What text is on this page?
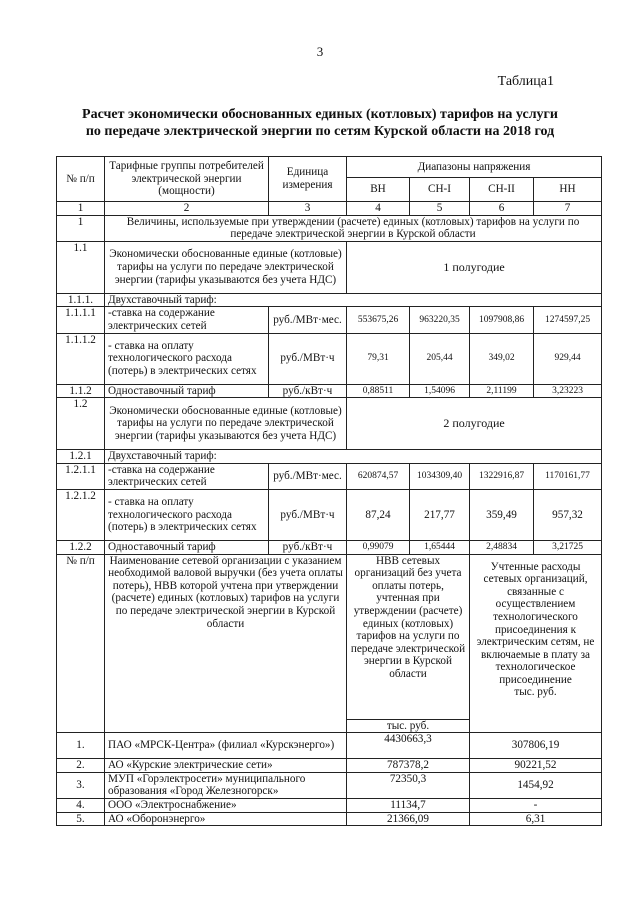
3
Таблица1
Расчет экономически обоснованных единых (котловых) тарифов на услуги
по передаче электрической энергии по сетям Курской области на 2018 год
№ п/п	Тарифные группы потребителей электрической энергии (мощности)	Единица измерения	Диапазоны напряжения			
			ВН	СН-I	СН-II	НН
1	2	3	4	5	6	7
1	Величины, используемые при утверждении (расчете) единых (котловых) тарифов на услуги по передаче электрической энергии в Курской области					
1.1	Экономически обоснованные единые (котловые) тарифы на услуги по передаче электрической энергии (тарифы указываются без учета НДС)		1 полугодие			
1.1.1.	Двухставочный тариф:					
1.1.1.1	-ставка на содержание электрических сетей	руб./МВт·мес.	553675,26	963220,35	1097908,86	1274597,25
1.1.1.2	- ставка на оплату технологического расхода (потерь) в электрических сетях	руб./МВт·ч	79,31	205,44	349,02	929,44
1.1.2	Одноставочный тариф	руб./кВт·ч	0,88511	1,54096	2,11199	3,23223
1.2	Экономически обоснованные единые (котловые) тарифы на услуги по передаче электрической энергии (тарифы указываются без учета НДС)		2 полугодие			
1.2.1	Двухставочный тариф:					
1.2.1.1	-ставка на содержание электрических сетей	руб./МВт·мес.	620874,57	1034309,40	1322916,87	1170161,77
1.2.1.2	- ставка на оплату технологического расхода (потерь) в электрических сетях	руб./МВт·ч	87,24	217,77	359,49	957,32
1.2.2	Одноставочный тариф	руб./кВт·ч	0,99079	1,65444	2,48834	3,21725
№ п/п	Наименование сетевой организации с указанием необходимой валовой выручки (без учета оплаты потерь), НВВ которой учтена при утверждении (расчете) единых (котловых) тарифов на услуги по передаче электрической энергии в Курской области		НВВ сетевых организаций без учета оплаты потерь, учтенная при утверждении (расчете) единых (котловых) тарифов на услуги по передаче электрической энергии в Курской области		Учтенные расходы сетевых организаций, связанные с осуществлением технологического присоединения к электрическим сетям, не включаемые в плату за технологическое присоединение
тыс. руб.	

			тыс. руб.			
1.	ПАО «МРСК-Центра» (филиал «Курскэнерго»)		4430663,3		307806,19	
2.	АО «Курские электрические сети»		787378,2		90221,52	
3.	МУП «Горэлектросети» муниципального образования «Город Железногорск»		72350,3		1454,92	
4.	ООО «Электроснабжение»		11134,7		-	
5.	АО «Оборонэнерго»		21366,09		6,31	
